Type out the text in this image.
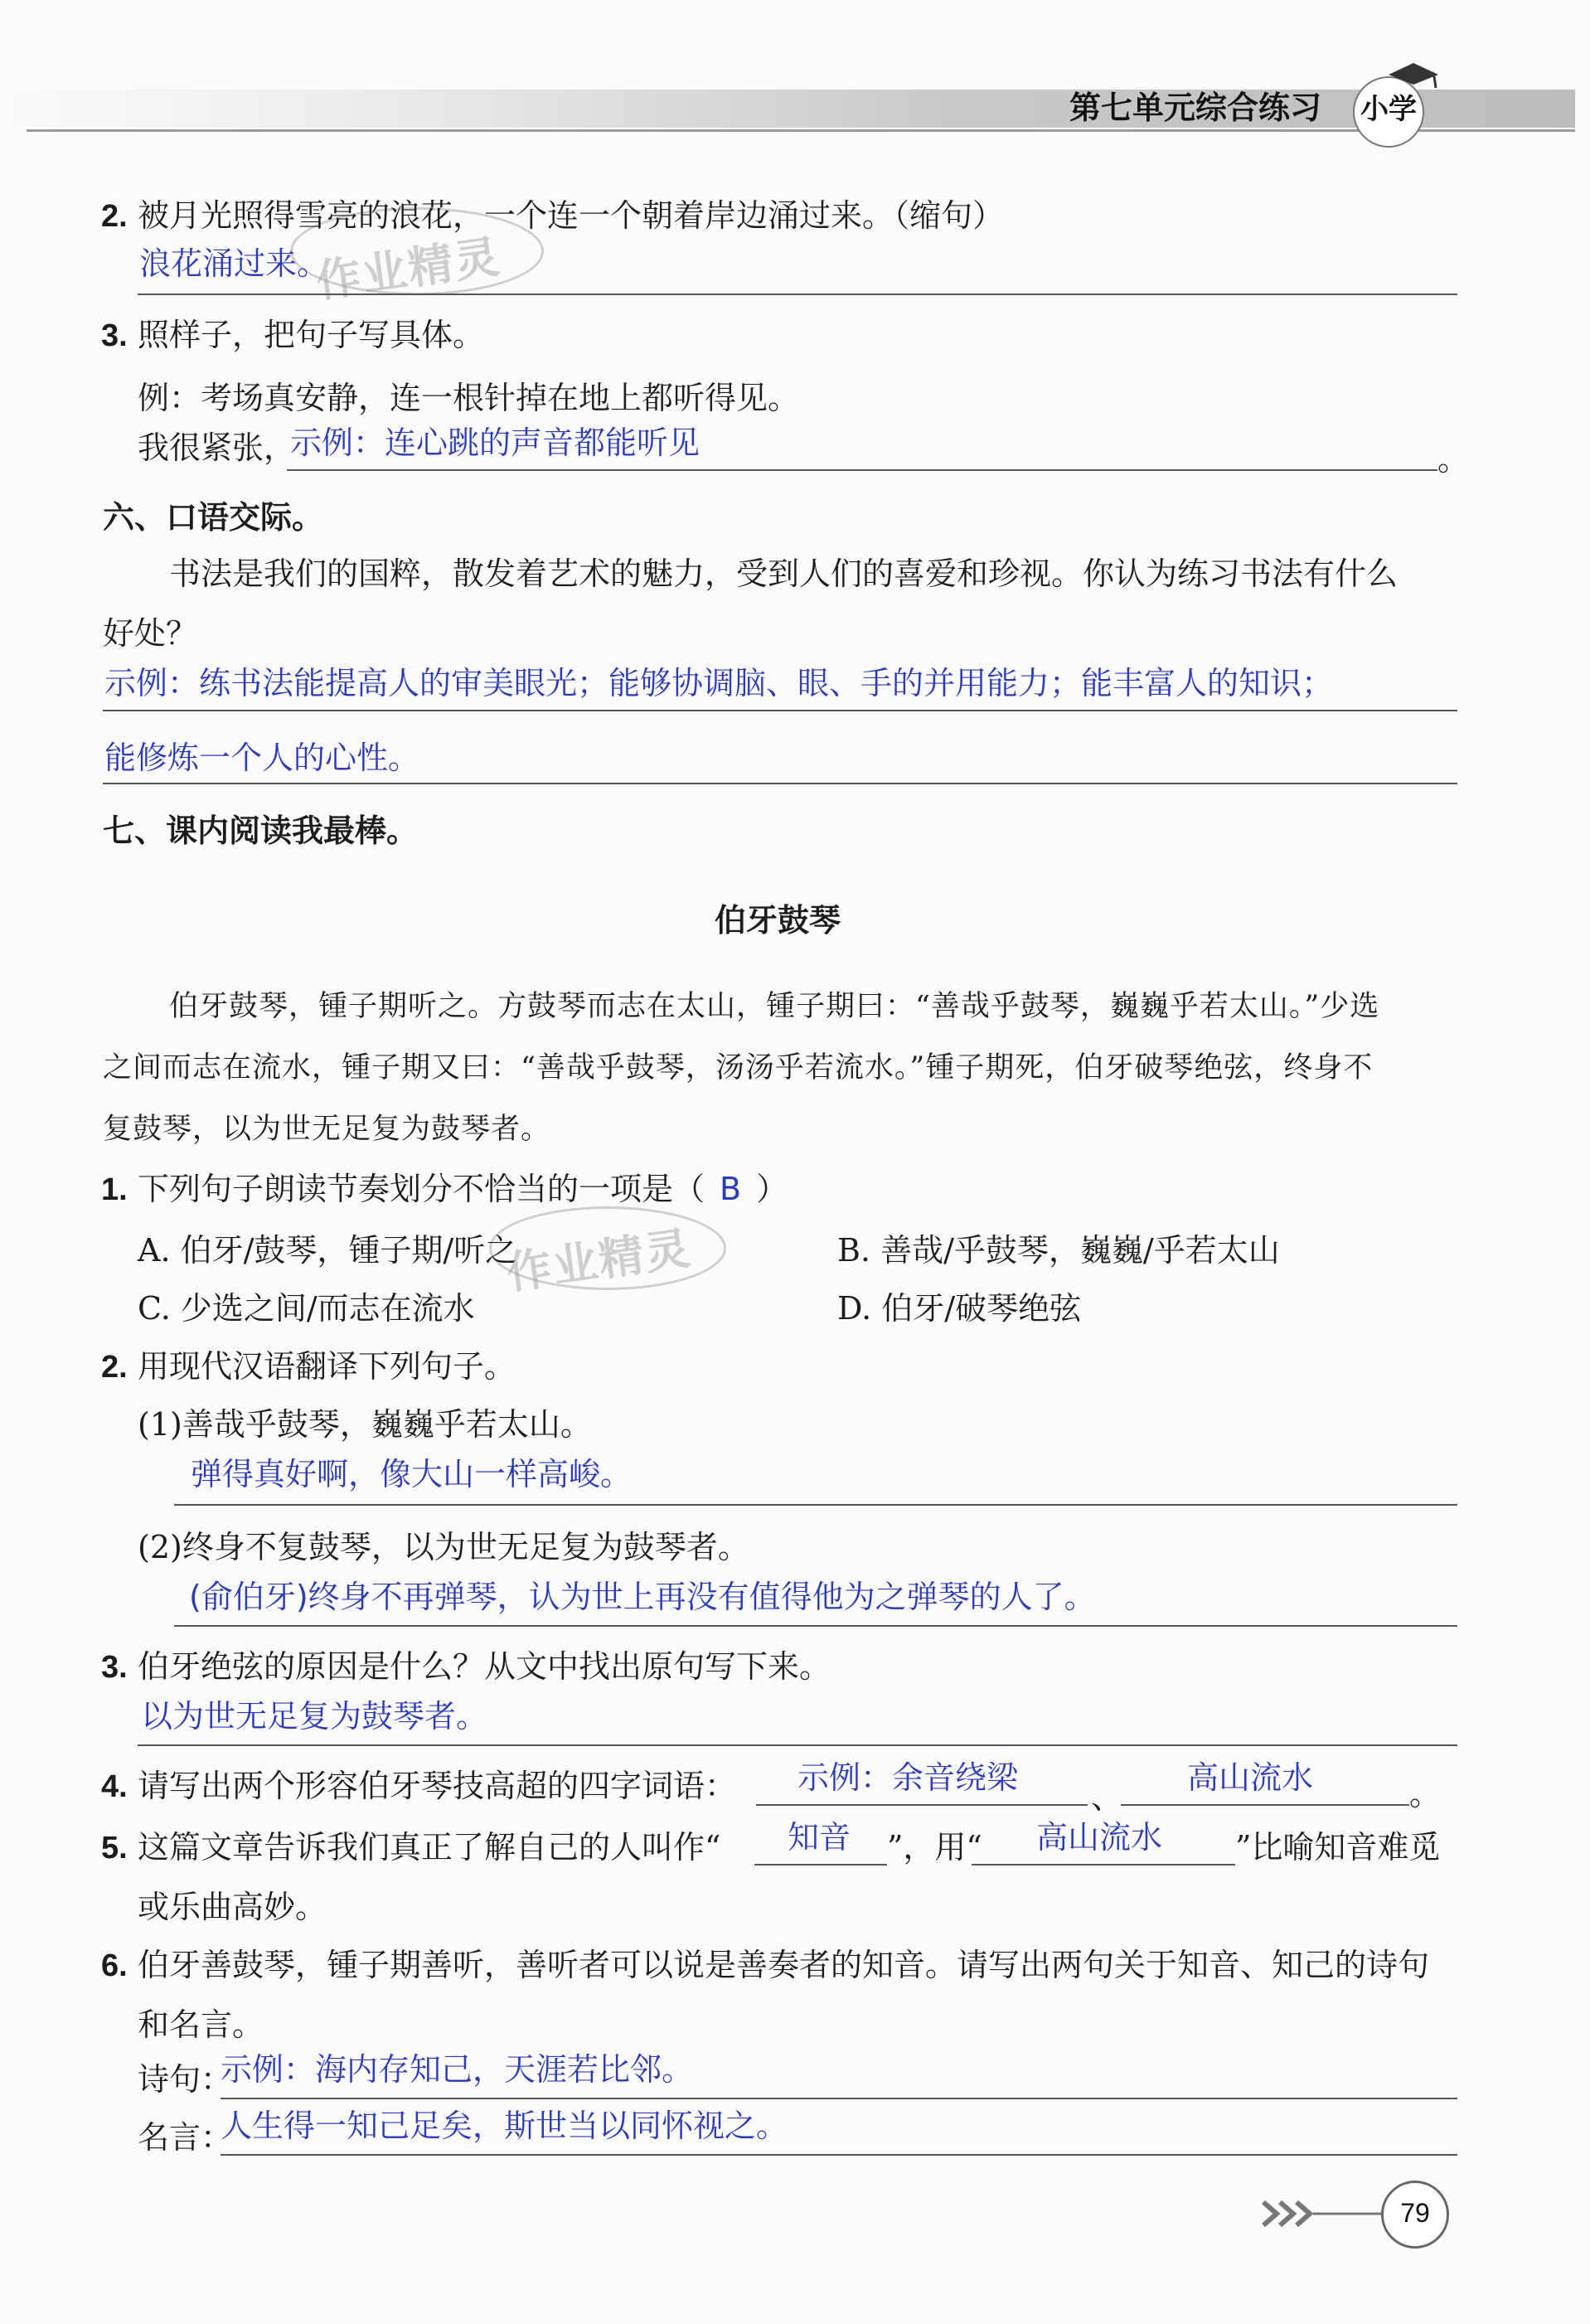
第七单元综合练习 小学
作业精灵
作业精灵
2. 被月光照得雪亮的浪花，一个连一个朝着岸边涌过来。（缩句）
浪花涌过来。
3. 照样子，把句子写具体。
例：考场真安静，连一根针掉在地上都听得见。
我很紧张，
示例：连心跳的声音都能听见	。
六、口语交际。
书法是我们的国粹，散发着艺术的魅力，受到人们的喜爱和珍视。你认为练习书法有什么
好处？
示例：练书法能提高人的审美眼光；能够协调脑、眼、手的并用能力；能丰富人的知识；
能修炼一个人的心性。
七、课内阅读我最棒。
伯牙鼓琴
伯牙鼓琴，锺子期听之。方鼓琴而志在太山，锺子期曰：“善哉乎鼓琴，巍巍乎若太山。”少选
之间而志在流水，锺子期又曰：“善哉乎鼓琴，汤汤乎若流水。”锺子期死，伯牙破琴绝弦，终身不
复鼓琴，以为世无足复为鼓琴者。
1. 下列句子朗读节奏划分不恰当的一项是（ B ）
A. 伯牙/鼓琴，锺子期/听之	B. 善哉/乎鼓琴，巍巍/乎若太山
C. 少选之间/而志在流水	D. 伯牙/破琴绝弦
2. 用现代汉语翻译下列句子。
(1)善哉乎鼓琴，巍巍乎若太山。
弹得真好啊，像大山一样高峻。
(2)终身不复鼓琴，以为世无足复为鼓琴者。
(俞伯牙)终身不再弹琴，认为世上再没有值得他为之弹琴的人了。
3. 伯牙绝弦的原因是什么？从文中找出原句写下来。
以为世无足复为鼓琴者。
4. 请写出两个形容伯牙琴技高超的四字词语： 示例：余音绕梁
、
高山流水	。
5. 这篇文章告诉我们真正了解自己的人叫作“ 知音 ”，用“ 高山流水 ”比喻知音难觅
或乐曲高妙。
6. 伯牙善鼓琴，锺子期善听，善听者可以说是善奏者的知音。请写出两句关于知音、知己的诗句
和名言。
诗句：
示例：海内存知己，天涯若比邻。
名言：
人生得一知己足矣，斯世当以同怀视之。
79
